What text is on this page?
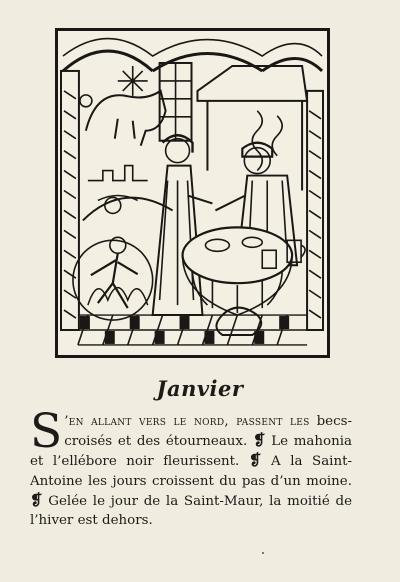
Janvier

S ’en allant vers le nord, passent les becs-croisés et des étourneaux. ❡ Le mahonia et l’ellébore noir fleurissent. ❡ A la Saint-Antoine les jours croissent du pas d’un moine. ❡ Gelée le jour de la Saint-Maur, la moitié de l’hiver est dehors.
